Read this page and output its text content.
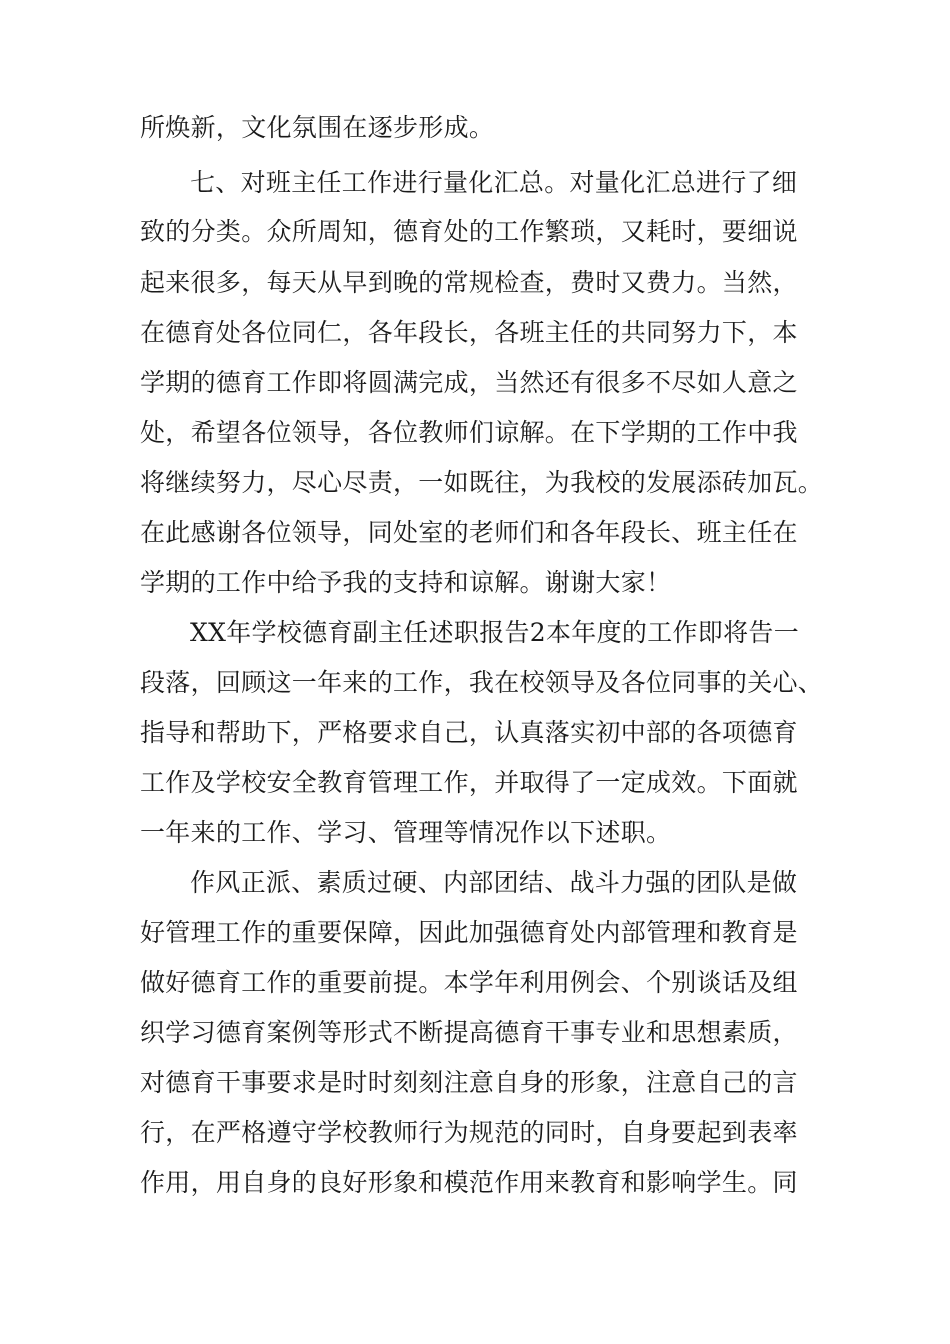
所焕新，文化氛围在逐步形成。
七、对班主任工作进行量化汇总。对量化汇总进行了细
致的分类。众所周知，德育处的工作繁琐，又耗时，要细说
起来很多，每天从早到晚的常规检查，费时又费力。当然，
在德育处各位同仁，各年段长，各班主任的共同努力下，本
学期的德育工作即将圆满完成，当然还有很多不尽如人意之
处，希望各位领导，各位教师们谅解。在下学期的工作中我
将继续努力，尽心尽责，一如既往，为我校的发展添砖加瓦。
在此感谢各位领导，同处室的老师们和各年段长、班主任在
学期的工作中给予我的支持和谅解。谢谢大家！
XX年学校德育副主任述职报告2本年度的工作即将告一
段落，回顾这一年来的工作，我在校领导及各位同事的关心、
指导和帮助下，严格要求自己，认真落实初中部的各项德育
工作及学校安全教育管理工作，并取得了一定成效。下面就
一年来的工作、学习、管理等情况作以下述职。
作风正派、素质过硬、内部团结、战斗力强的团队是做
好管理工作的重要保障，因此加强德育处内部管理和教育是
做好德育工作的重要前提。本学年利用例会、个别谈话及组
织学习德育案例等形式不断提高德育干事专业和思想素质，
对德育干事要求是时时刻刻注意自身的形象，注意自己的言
行，在严格遵守学校教师行为规范的同时，自身要起到表率
作用，用自身的良好形象和模范作用来教育和影响学生。同
